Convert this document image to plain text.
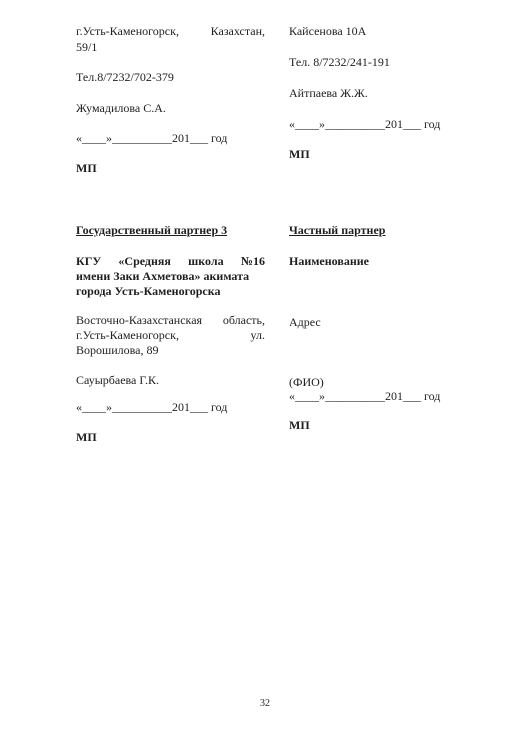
г.Усть-Каменогорск,	Казахстан,
59/1
Тел.8/7232/702-379
Жумадилова С.А.
«____»__________201___ год
МП
Кайсенова 10А
Тел. 8/7232/241-191
Айтпаева Ж.Ж.
«____»__________201___ год
МП
Государственный партнер 3
КГУ «Средняя школа №16
имени Заки Ахметова» акимата
города Усть-Каменогорска
Восточно-Казахстанская область,
г.Усть-Каменогорск,	ул.
Ворошилова, 89
Сауырбаева Г.К.
«____»__________201___ год
МП
Частный партнер
Наименование
Адрес
(ФИО)
«____»__________201___ год
МП
32
